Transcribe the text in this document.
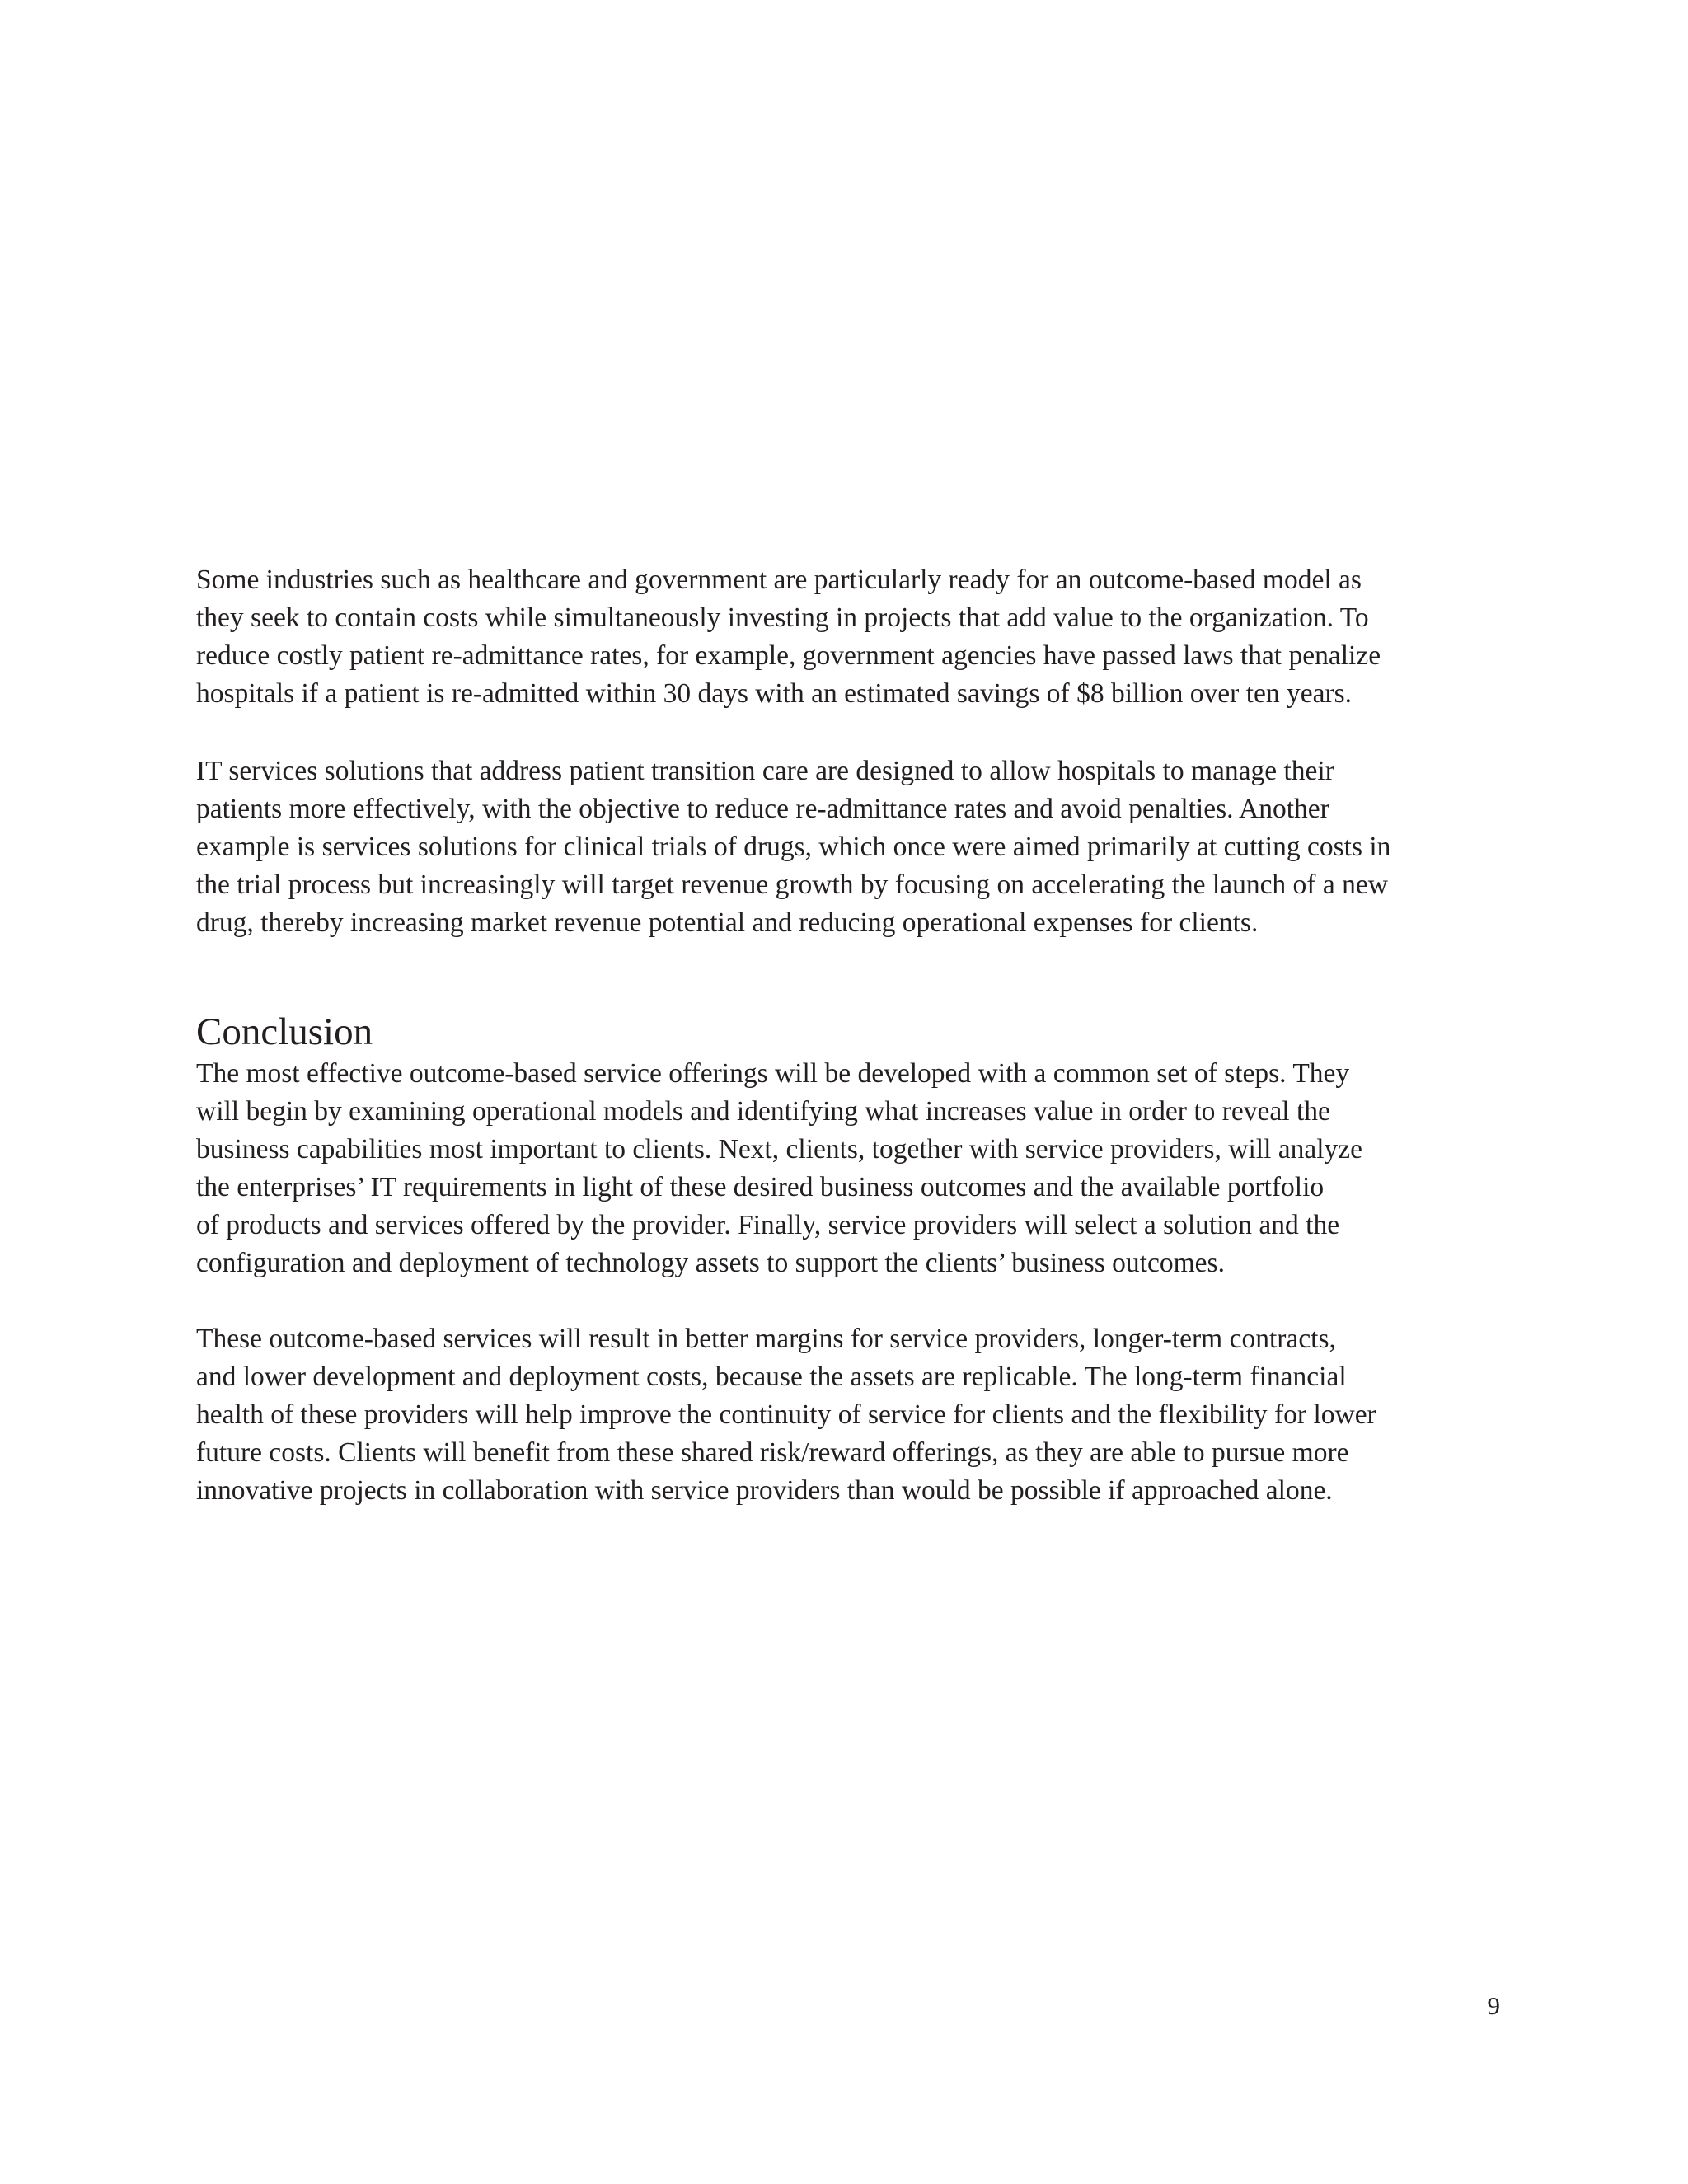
Some industries such as healthcare and government are particularly ready for an outcome-based model as
they seek to contain costs while simultaneously investing in projects that add value to the organization. To
reduce costly patient re-admittance rates, for example, government agencies have passed laws that penalize
hospitals if a patient is re-admitted within 30 days with an estimated savings of $8 billion over ten years.

IT services solutions that address patient transition care are designed to allow hospitals to manage their
patients more effectively, with the objective to reduce re-admittance rates and avoid penalties. Another
example is services solutions for clinical trials of drugs, which once were aimed primarily at cutting costs in
the trial process but increasingly will target revenue growth by focusing on accelerating the launch of a new
drug, thereby increasing market revenue potential and reducing operational expenses for clients.

Conclusion

The most effective outcome-based service offerings will be developed with a common set of steps. They
will begin by examining operational models and identifying what increases value in order to reveal the
business capabilities most important to clients. Next, clients, together with service providers, will analyze
the enterprises’ IT requirements in light of these desired business outcomes and the available portfolio
of products and services offered by the provider. Finally, service providers will select a solution and the
configuration and deployment of technology assets to support the clients’ business outcomes.

These outcome-based services will result in better margins for service providers, longer-term contracts,
and lower development and deployment costs, because the assets are replicable. The long-term financial
health of these providers will help improve the continuity of service for clients and the flexibility for lower
future costs. Clients will benefit from these shared risk/reward offerings, as they are able to pursue more
innovative projects in collaboration with service providers than would be possible if approached alone.

9
